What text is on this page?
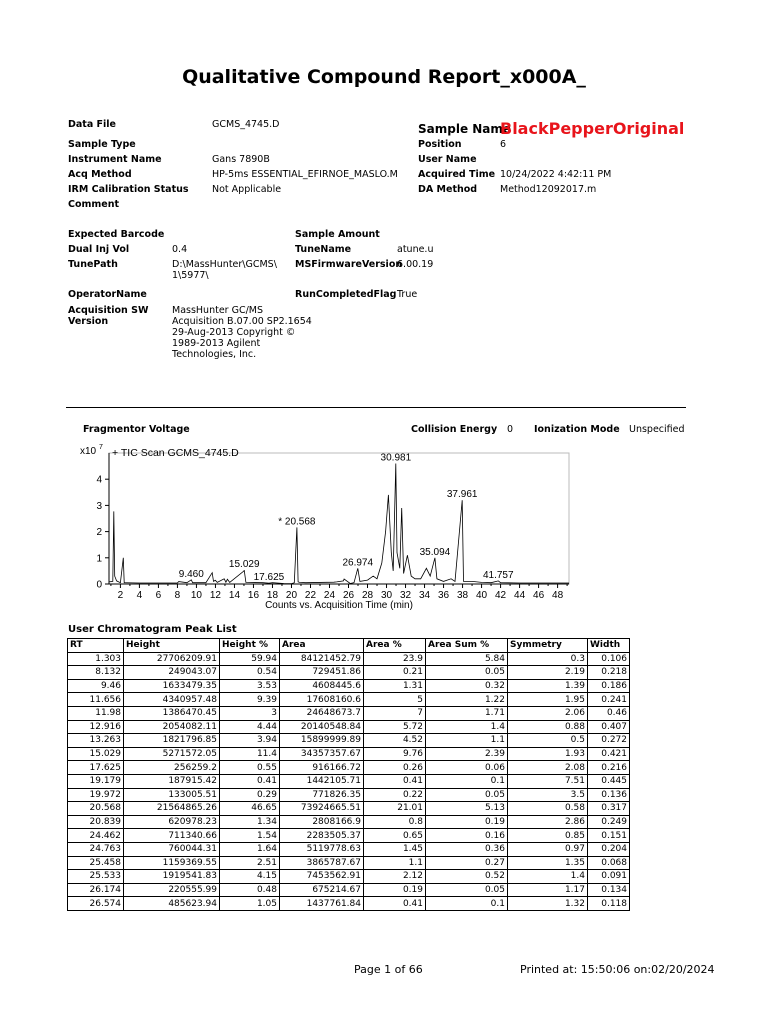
Qualitative Compound Report_x000A_
Data File	GCMS_4745.D
Sample Type
Instrument Name	Gans 7890B
Acq Method	HP-5ms ESSENTIAL_EFIRNOE_MASLO.M
IRM Calibration Status Not Applicable
Comment
Sample Name
BlackPepperOriginal
Position	6
User Name
Acquired Time 10/24/2022 4:42:11 PM
DA Method Method12092017.m
Expected Barcode
Dual Inj Vol	0.4
TunePath	D:\MassHunter\GCMS\
1\5977\
OperatorName
Acquisition SW
Version
MassHunter GC/MS
Acquisition B.07.00 SP2.1654
29-Aug-2013 Copyright ©
1989-2013 Agilent
Technologies, Inc.
Sample Amount
TuneName	atune.u
MSFirmwareVersion
6.00.19
RunCompletedFlag True
Fragmentor Voltage	Collision Energy 0 Ionization Mode Unspecified
0
1
2
3
4
2 4 6 8 10 12 14 16 18 20 22 24 26 28 30 32 34 36 38 40 42 44 46 48
Counts vs. Acquisition Time (min)
x10 7 + TIC Scan GCMS_4745.D	30.981
37.961
* 20.568
26.974
35.094
15.029
9.460	17.625	41.757
User Chromatogram Peak List
RT	Height	Height %	Area	Area %	Area Sum %	Symmetry	Width
1.303	27706209.91	59.94	84121452.79	23.9	5.84	0.3	0.106
8.132	249043.07	0.54	729451.86	0.21	0.05	2.19	0.218
9.46	1633479.35	3.53	4608445.6	1.31	0.32	1.39	0.186
11.656	4340957.48	9.39	17608160.6	5	1.22	1.95	0.241
11.98	1386470.45	3	24648673.7	7	1.71	2.06	0.46
12.916	2054082.11	4.44	20140548.84	5.72	1.4	0.88	0.407
13.263	1821796.85	3.94	15899999.89	4.52	1.1	0.5	0.272
15.029	5271572.05	11.4	34357357.67	9.76	2.39	1.93	0.421
17.625	256259.2	0.55	916166.72	0.26	0.06	2.08	0.216
19.179	187915.42	0.41	1442105.71	0.41	0.1	7.51	0.445
19.972	133005.51	0.29	771826.35	0.22	0.05	3.5	0.136
20.568	21564865.26	46.65	73924665.51	21.01	5.13	0.58	0.317
20.839	620978.23	1.34	2808166.9	0.8	0.19	2.86	0.249
24.462	711340.66	1.54	2283505.37	0.65	0.16	0.85	0.151
24.763	760044.31	1.64	5119778.63	1.45	0.36	0.97	0.204
25.458	1159369.55	2.51	3865787.67	1.1	0.27	1.35	0.068
25.533	1919541.83	4.15	7453562.91	2.12	0.52	1.4	0.091
26.174	220555.99	0.48	675214.67	0.19	0.05	1.17	0.134
26.574	485623.94	1.05	1437761.84	0.41	0.1	1.32	0.118
Page 1 of 66	Printed at: 15:50:06 on:02/20/2024
